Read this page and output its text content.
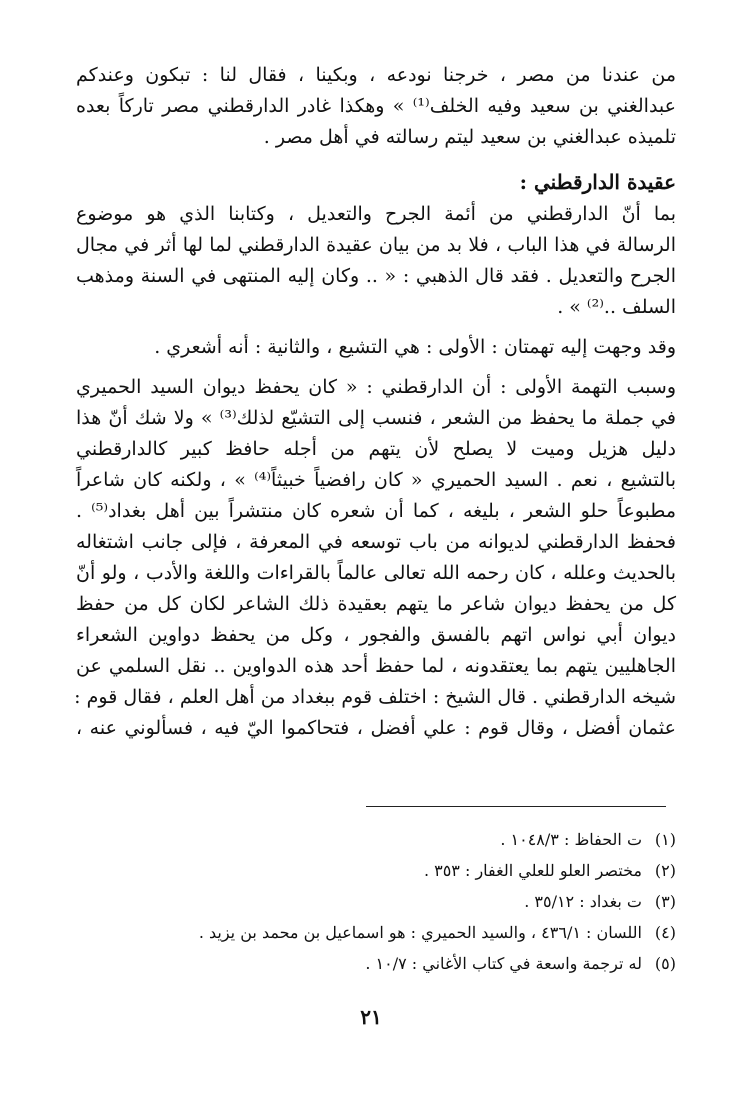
من عندنا من مصر ، خرجنا نودعه ، وبكينا ، فقال لنا : تبكون وعندكم
عبدالغني بن سعيد وفيه الخلف⁽¹⁾ » وهكذا غادر الدارقطني مصر تاركاً بعده
تلميذه عبدالغني بن سعيد ليتم رسالته في أهل مصر .
عقيدة الدارقطني :
بما أنّ الدارقطني من أئمة الجرح والتعديل ، وكتابنا الذي هو موضوع
الرسالة في هذا الباب ، فلا بد من بيان عقيدة الدارقطني لما لها أثر في مجال
الجرح والتعديل . فقد قال الذهبي : « .. وكان إليه المنتهى في السنة ومذهب
السلف ..⁽²⁾ » .
وقد وجهت إليه تهمتان : الأولى : هي التشيع ، والثانية : أنه أشعري .
وسبب التهمة الأولى : أن الدارقطني : « كان يحفظ ديوان السيد الحميري
في جملة ما يحفظ من الشعر ، فنسب إلى التشيّع لذلك⁽³⁾ » ولا شك أنّ هذا
دليل هزيل وميت لا يصلح لأن يتهم من أجله حافظ كبير كالدارقطني
بالتشيع ، نعم . السيد الحميري « كان رافضياً خبيثاً⁽⁴⁾ » ، ولكنه كان شاعراً
مطبوعاً حلو الشعر ، بليغه ، كما أن شعره كان منتشراً بين أهل بغداد⁽⁵⁾ .
فحفظ الدارقطني لديوانه من باب توسعه في المعرفة ، فإلى جانب اشتغاله
بالحديث وعلله ، كان رحمه الله تعالى عالماً بالقراءات واللغة والأدب ، ولو أنّ
كل من يحفظ ديوان شاعر ما يتهم بعقيدة ذلك الشاعر لكان كل من حفظ
ديوان أبي نواس اتهم بالفسق والفجور ، وكل من يحفظ دواوين الشعراء
الجاهليين يتهم بما يعتقدونه ، لما حفظ أحد هذه الدواوين .. نقل السلمي عن
شيخه الدارقطني . قال الشيخ : اختلف قوم ببغداد من أهل العلم ، فقال قوم :
عثمان أفضل ، وقال قوم : علي أفضل ، فتحاكموا اليّ فيه ، فسألوني عنه ،
(١)
ت الحفاظ : ١٠٤٨/٣ .
(٢)
مختصر العلو للعلي الغفار : ٣٥٣ .
(٣)
ت بغداد : ٣٥/١٢ .
(٤)
اللسان : ٤٣٦/١ ، والسيد الحميري : هو اسماعيل بن محمد بن يزيد .
(٥)
له ترجمة واسعة في كتاب الأغاني : ١٠/٧ .
٢١
